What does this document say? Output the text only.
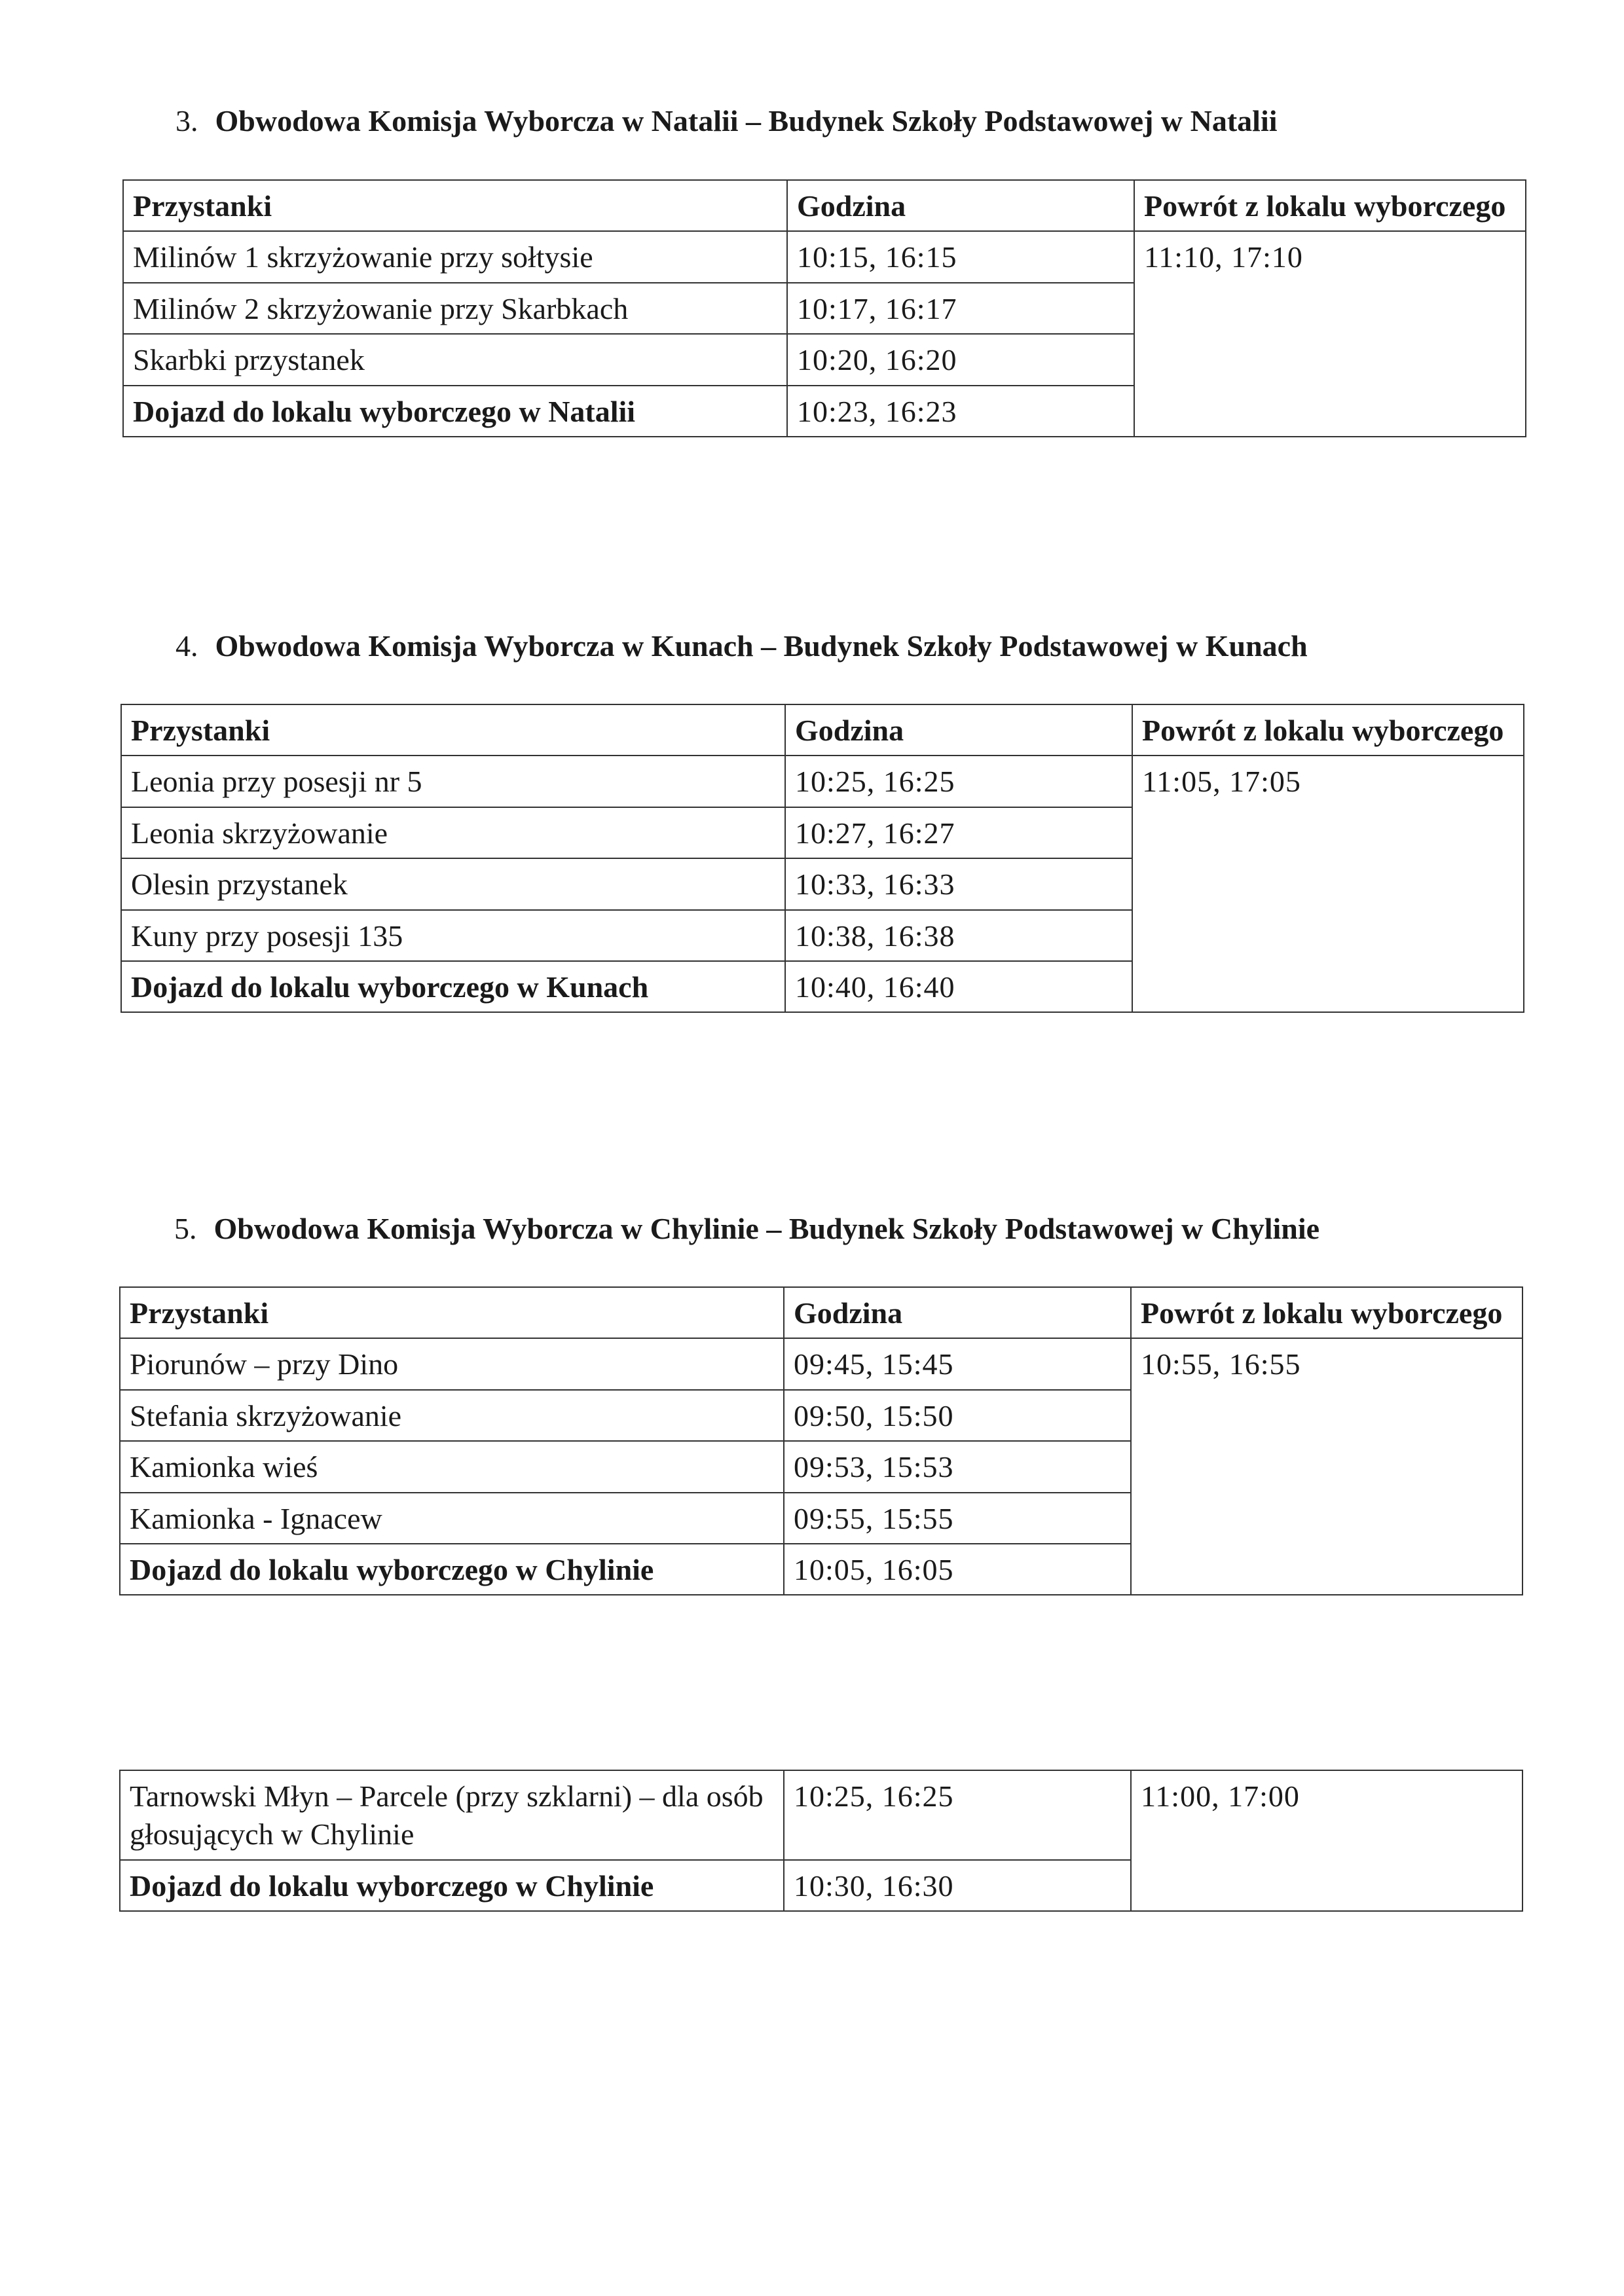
3. Obwodowa Komisja Wyborcza w Natalii – Budynek Szkoły Podstawowej w Natalii
Przystanki	Godzina	Powrót z lokalu wyborczego
Milinów 1 skrzyżowanie przy sołtysie	10:15, 16:15	11:10, 17:10
Milinów 2 skrzyżowanie przy Skarbkach	10:17, 16:17	
Skarbki przystanek	10:20, 16:20	
Dojazd do lokalu wyborczego w Natalii	10:23, 16:23	
4. Obwodowa Komisja Wyborcza w Kunach – Budynek Szkoły Podstawowej w Kunach
Przystanki	Godzina	Powrót z lokalu wyborczego
Leonia przy posesji nr 5	10:25, 16:25	11:05, 17:05
Leonia skrzyżowanie	10:27, 16:27	
Olesin przystanek	10:33, 16:33	
Kuny przy posesji 135	10:38, 16:38	
Dojazd do lokalu wyborczego w Kunach	10:40, 16:40	
5. Obwodowa Komisja Wyborcza w Chylinie – Budynek Szkoły Podstawowej w Chylinie
Przystanki	Godzina	Powrót z lokalu wyborczego
Piorunów – przy Dino	09:45, 15:45	10:55, 16:55
Stefania skrzyżowanie	09:50, 15:50	
Kamionka wieś	09:53, 15:53	
Kamionka - Ignacew	09:55, 15:55	
Dojazd do lokalu wyborczego w Chylinie	10:05, 16:05	
Tarnowski Młyn – Parcele (przy szklarni) – dla osób głosujących w Chylinie	10:25, 16:25	11:00, 17:00
Dojazd do lokalu wyborczego w Chylinie	10:30, 16:30	
